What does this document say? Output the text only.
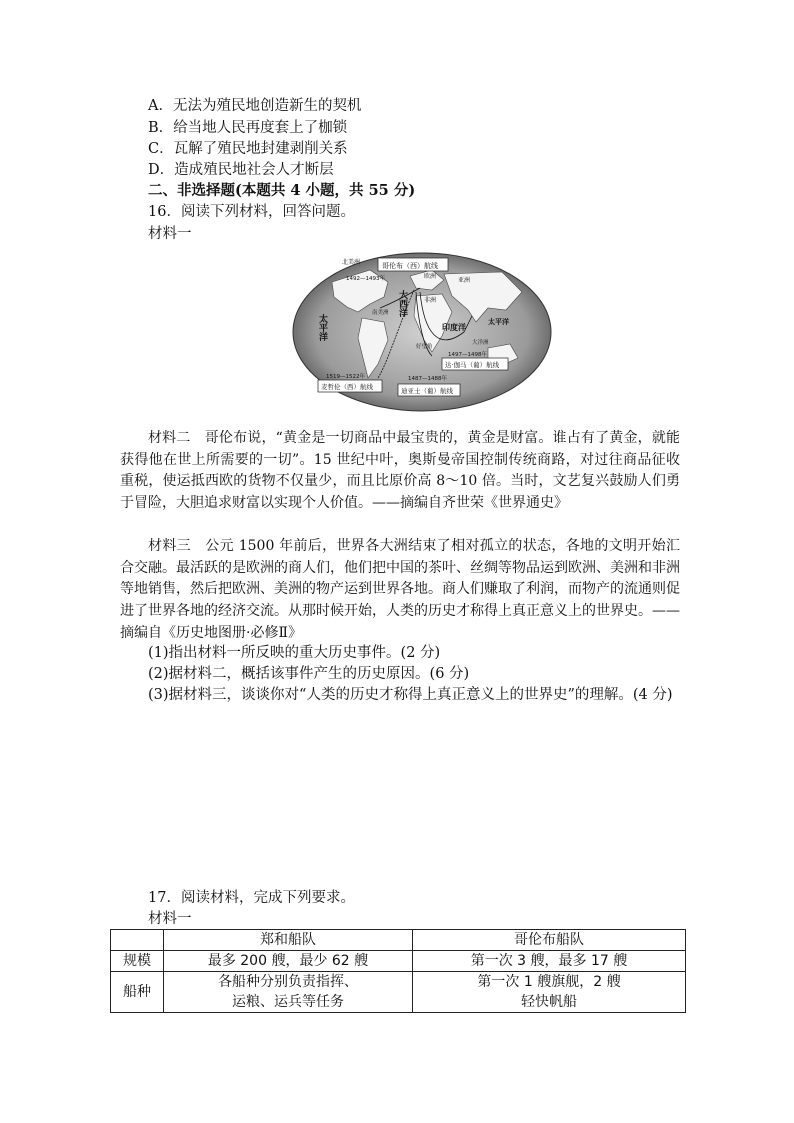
A．无法为殖民地创造新生的契机
B．给当地人民再度套上了枷锁
C．瓦解了殖民地封建剥削关系
D．造成殖民地社会人才断层
二、非选择题(本题共 4 小题，共 55 分)
16．阅读下列材料，回答问题。
材料一
哥伦布（西）航线
1492—1493年
北美洲
欧洲
亚洲
非洲
南美洲
大洋洲
好望角
太平洋	太平洋
大西洋
印度洋
1497—1498年
达·伽马（葡）航线
1519—1522年
麦哲伦（西）航线
1487—1488年
迪亚士（葡）航线
材料二　哥伦布说，“黄金是一切商品中最宝贵的，黄金是财富。谁占有了黄金，就能获得他在世上所需要的一切”。15 世纪中叶，奥斯曼帝国控制传统商路，对过往商品征收重税，使运抵西欧的货物不仅量少，而且比原价高 8～10 倍。当时，文艺复兴鼓励人们勇于冒险，大胆追求财富以实现个人价值。——摘编自齐世荣《世界通史》
材料三　公元 1500 年前后，世界各大洲结束了相对孤立的状态，各地的文明开始汇合交融。最活跃的是欧洲的商人们，他们把中国的茶叶、丝绸等物品运到欧洲、美洲和非洲等地销售，然后把欧洲、美洲的物产运到世界各地。商人们赚取了利润，而物产的流通则促进了世界各地的经济交流。从那时候开始，人类的历史才称得上真正意义上的世界史。——摘编自《历史地图册·必修Ⅱ》
(1)指出材料一所反映的重大历史事件。(2 分)
(2)据材料二，概括该事件产生的历史原因。(6 分)
(3)据材料三，谈谈你对“人类的历史才称得上真正意义上的世界史”的理解。(4 分)
17．阅读材料，完成下列要求。
材料一
	郑和船队	哥伦布船队
规模	最多 200 艘，最少 62 艘	第一次 3 艘，最多 17 艘
船种	各船种分别负责指挥、运粮、运兵等任务	第一次 1 艘旗舰，2 艘轻快帆船
